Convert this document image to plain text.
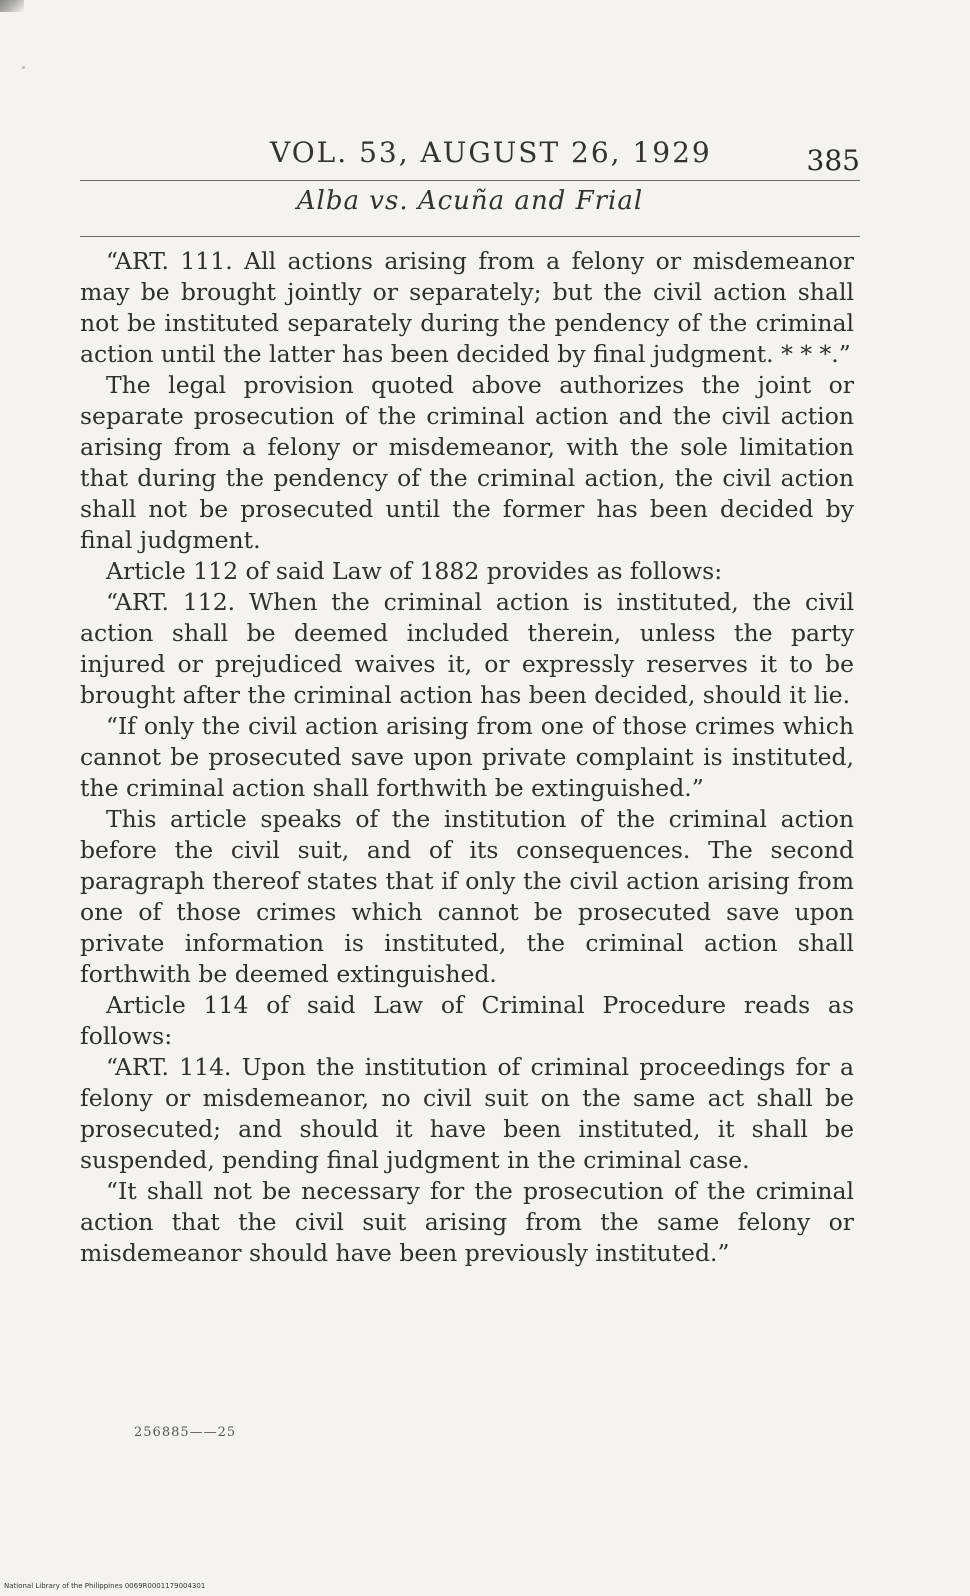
VOL. 53, AUGUST 26, 1929	385
Alba vs. Acuña and Frial

“ART. 111. All actions arising from a felony or misdemeanor may be brought jointly or separately; but the civil action shall not be instituted separately during the pendency of the criminal action until the latter has been decided by final judgment. * * *.”

The legal provision quoted above authorizes the joint or separate prosecution of the criminal action and the civil action arising from a felony or misdemeanor, with the sole limitation that during the pendency of the criminal action, the civil action shall not be prosecuted until the former has been decided by final judgment.

Article 112 of said Law of 1882 provides as follows:

“ART. 112. When the criminal action is instituted, the civil action shall be deemed included therein, unless the party injured or prejudiced waives it, or expressly reserves it to be brought after the criminal action has been decided, should it lie.

“If only the civil action arising from one of those crimes which cannot be prosecuted save upon private complaint is instituted, the criminal action shall forthwith be extinguished.”

This article speaks of the institution of the criminal action before the civil suit, and of its consequences. The second paragraph thereof states that if only the civil action arising from one of those crimes which cannot be prosecuted save upon private information is instituted, the criminal action shall forthwith be deemed extinguished.

Article 114 of said Law of Criminal Procedure reads as follows:

“ART. 114. Upon the institution of criminal proceedings for a felony or misdemeanor, no civil suit on the same act shall be prosecuted; and should it have been instituted, it shall be suspended, pending final judgment in the criminal case.

“It shall not be necessary for the prosecution of the criminal action that the civil suit arising from the same felony or misdemeanor should have been previously instituted.”

256885——25
National Library of the Philippines 0069R0001179004301
